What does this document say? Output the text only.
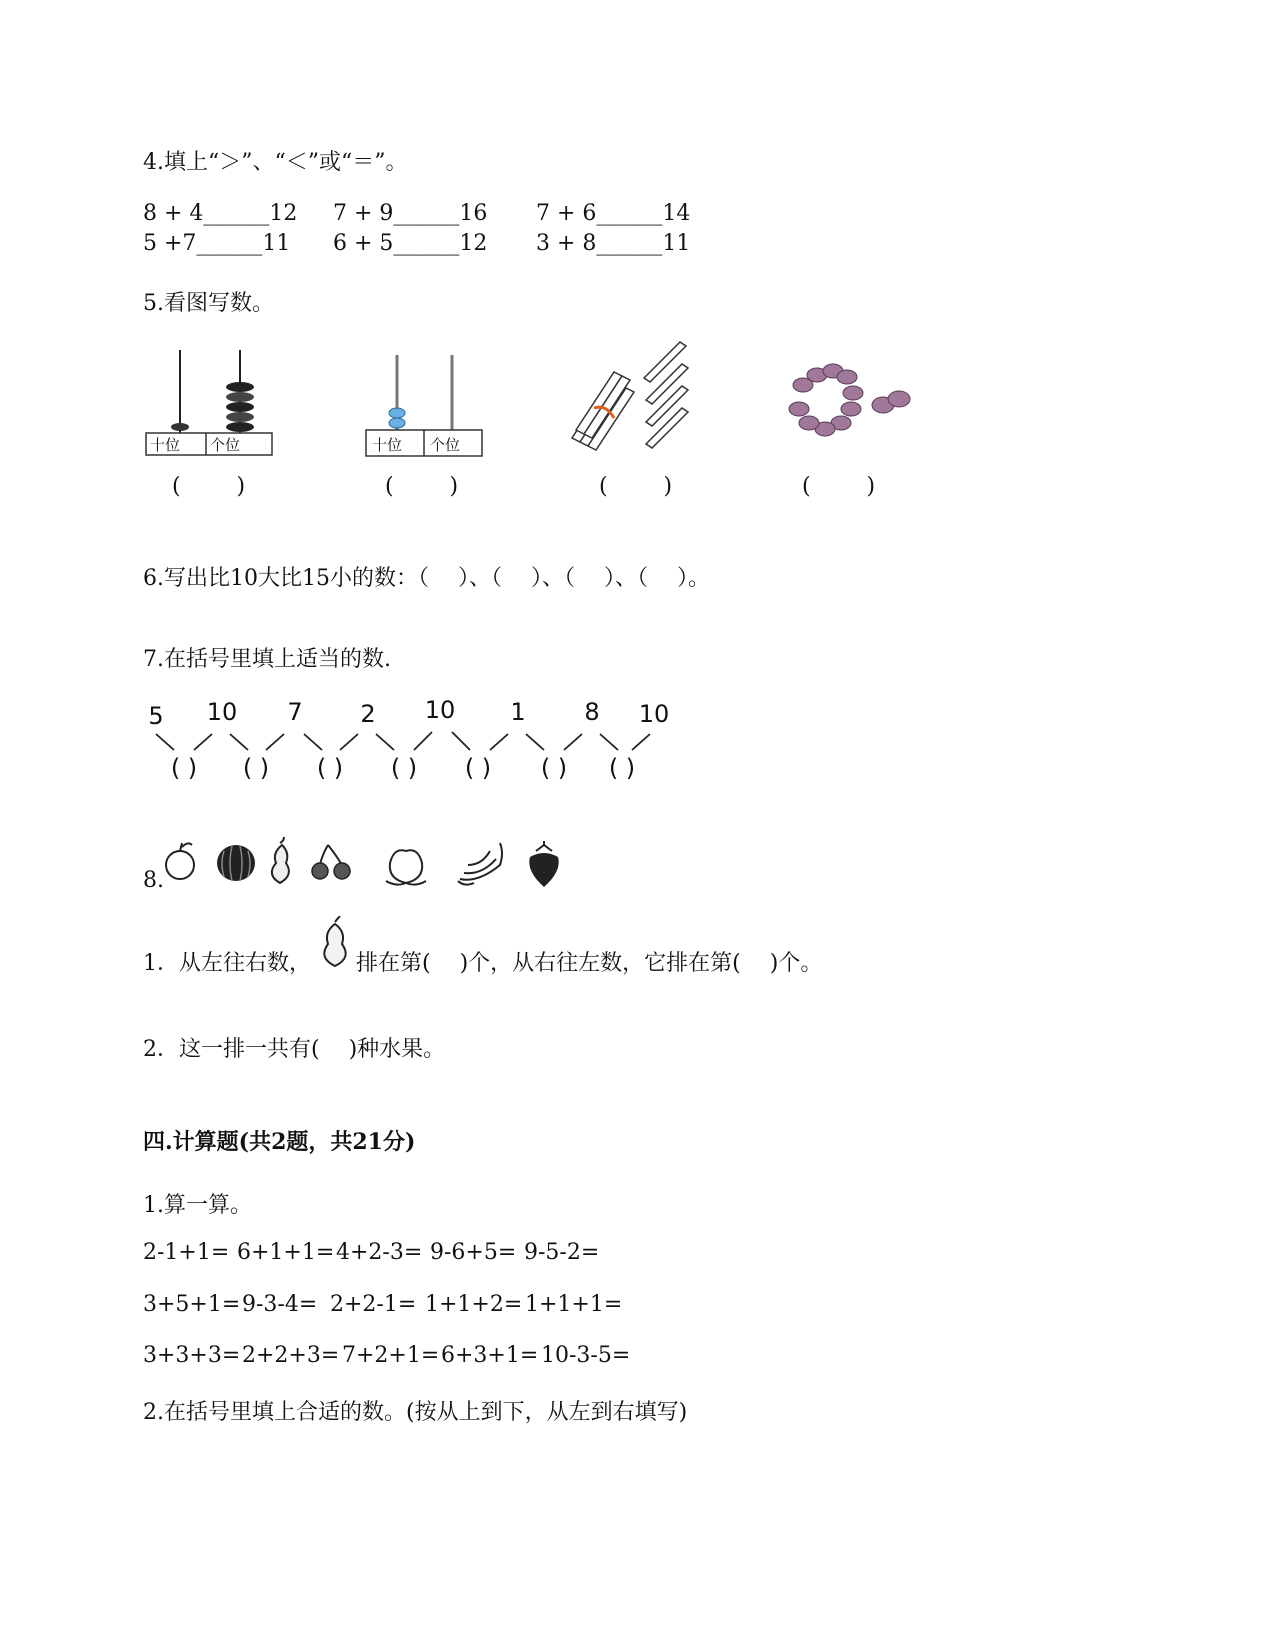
4.填上“＞”、“＜”或“＝”。
8 + 4______12 7 + 9______16 7 + 6______14
5 +7______11 6 + 5______12 3 + 8______11
5.看图写数。
十位 个位	十位 个位
(        )	(        )	(        )	(        )
6.写出比10大比15小的数：（　 ）、（　 ）、（　 ）、（　 ）。
7.在括号里填上适当的数.
5 10 7 2 10 1 8 10
( ) ( ) ( ) ( ) ( ) ( ) ( )
8.
1．从左往右数， 排在第(　 )个，从右往左数，它排在第(　 )个。
2．这一排一共有(　 )种水果。
四.计算题(共2题，共21分)
1.算一算。
2-1+1= 6+1+1= 4+2-3= 9-6+5= 9-5-2=
3+5+1= 9-3-4= 2+2-1= 1+1+2= 1+1+1=
3+3+3= 2+2+3= 7+2+1= 6+3+1= 10-3-5=
2.在括号里填上合适的数。(按从上到下，从左到右填写)
